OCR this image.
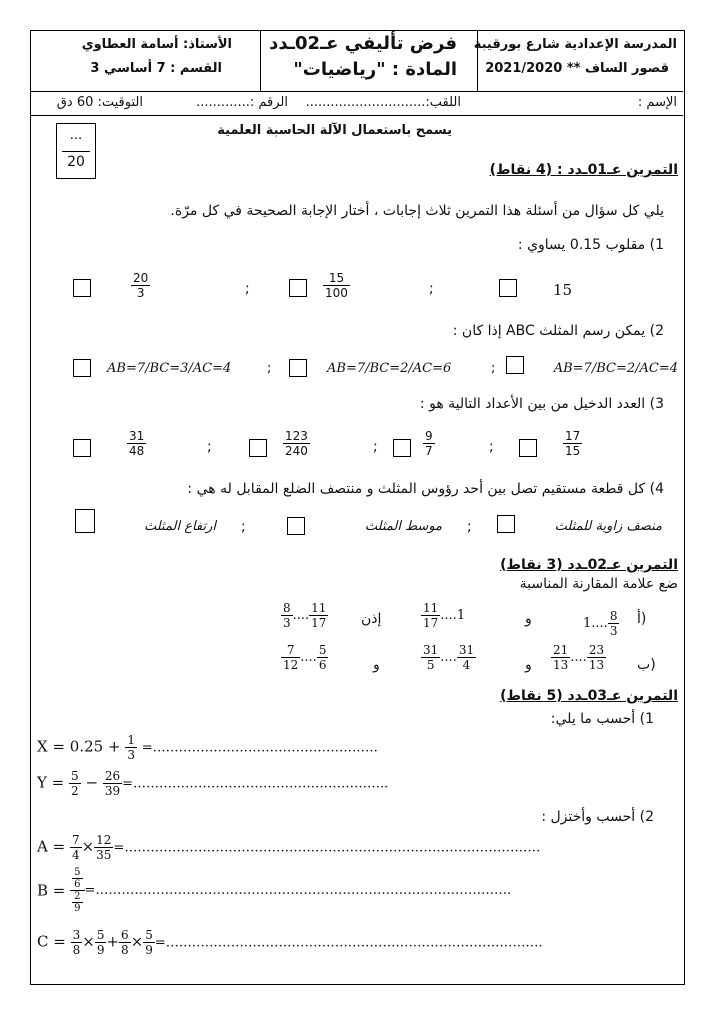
المدرسة الإعدادية شارع بورقيبة
قصور الساف ** 2021/2020
فرض تأليفي عـ02ـدد
المادة : "رياضيات"
الأستاذ: أسامة العطاوي
القسم : 7 أساسي 3
الإسم :
اللقب:.............................
الرقم :.............
التوقيت: 60 دق
...
20
يسمح باستعمال الآلة الحاسبة العلمية
التمرين عـ01ـدد : (4 نقاط)
يلي كل سؤال من أسئلة هذا التمرين ثلاث إجابات ، أختار الإجابة الصحيحة في كل مرّة.
1) مقلوب 0.15 يساوي :
15
;
$\frac{15}{100}$
;
$\frac{20}{3}$
2) يمكن رسم المثلث ABC إذا كان :
AB=7/BC=2/AC=4
;
AB=7/BC=2/AC=6
;
AB=7/BC=3/AC=4
3) العدد الدخيل من بين الأعداد التالية هو :
$\frac{17}{15}$
;
$\frac{9}{7}$
;
$\frac{123}{240}$
;
$\frac{31}{48}$
4) كل قطعة مستقيم تصل بين أحد رؤوس المثلث و منتصف الضلع المقابل له هي :
منصف زاوية للمثلث
;
موسط المثلث
;
ارتفاع المثلث
التمرين عـ02ـدد (3 نقاط)
ضع علامة المقارنة المناسبة
أ)
1.... $\frac{8}{3}$
و
$\frac{11}{17} ....1$
إذن
$\frac{8}{3}$ .... $\frac{11}{17}$
ب)
$\frac{21}{13}$ .... $\frac{23}{13}$
و
$\frac{31}{5}$ .... $\frac{31}{4}$
و
$\frac{7}{12}$ .... $\frac{5}{6}$
التمرين عـ03ـدد (5 نقاط)
1) أحسب ما يلي:
$X = 0.25 + \frac{1}{3}$ =…………………………………………….
$Y = \frac{5}{2} - \frac{26}{39}$ =…………………………………………………..
2) أحسب وأختزل :
$A = \frac{7}{4} \times \frac{12}{35}$ =……………………………………………………………………………………
$B = \frac{\frac{5}{6}}{\frac{2}{9}}$ =……………………………………………………………………………………
$C = \frac{3}{8} \times \frac{5}{9} + \frac{6}{8} \times \frac{5}{9}$ =……………………………………………………………………………
